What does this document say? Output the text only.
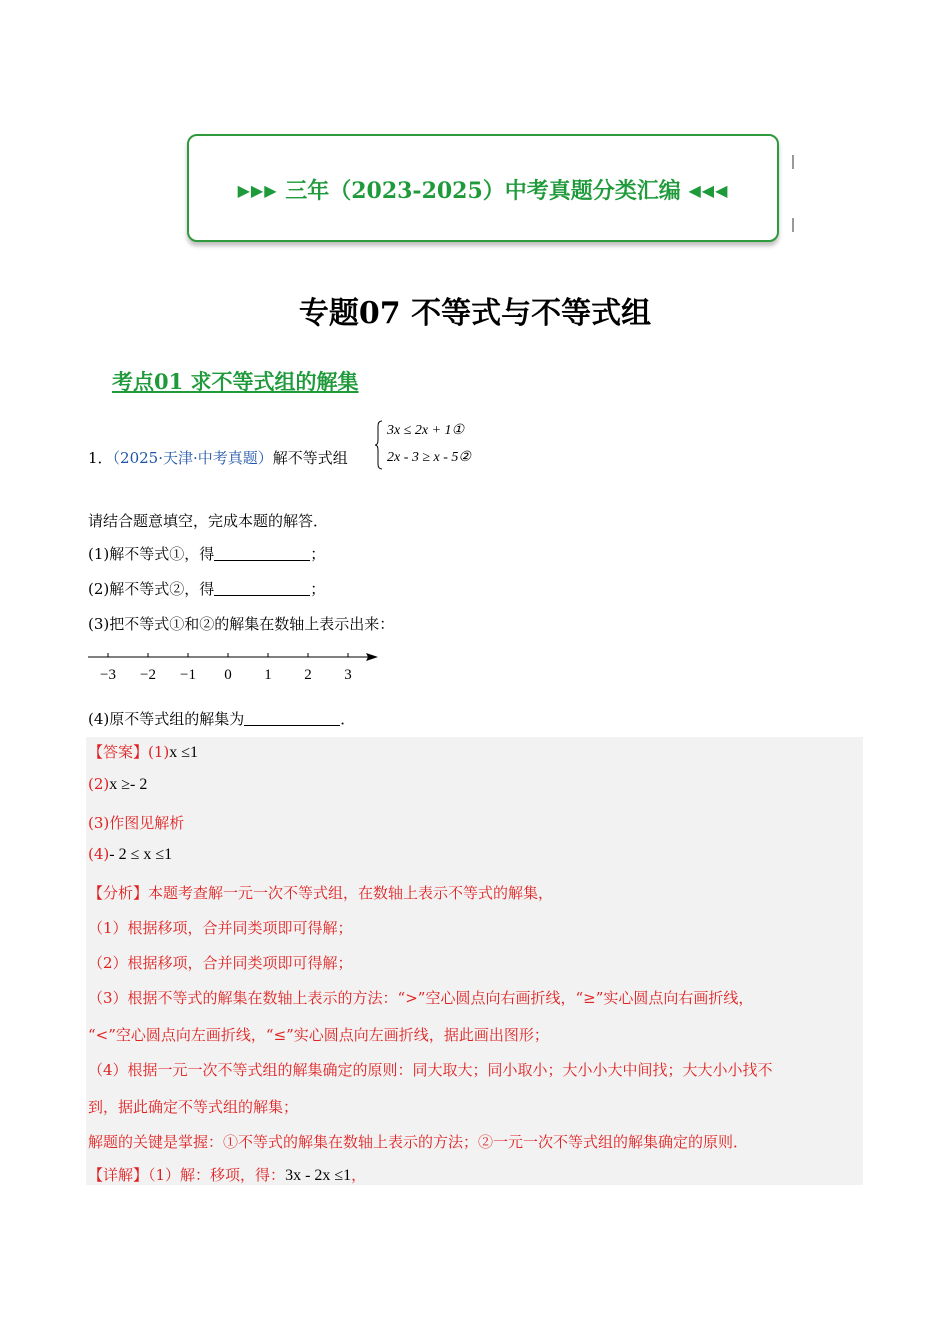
▶▶▶ 三年（2023-2025）中考真题分类汇编 ◀◀◀
专题07 不等式与不等式组
考点01 求不等式组的解集
1．（2025·天津·中考真题）解不等式组
3x ≤ 2x + 1①
2x - 3 ≥ x - 5②
请结合题意填空，完成本题的解答．
(1)解不等式①，得	；
(2)解不等式②，得	；
(3)把不等式①和②的解集在数轴上表示出来：
−3 −2 −1 0 1 2 3
(4)原不等式组的解集为	．
【答案】(1)x ≤1
(2)x ≥- 2
(3)作图见解析
(4)- 2 ≤ x ≤1
【分析】本题考查解一元一次不等式组，在数轴上表示不等式的解集，
（1）根据移项，合并同类项即可得解；
（2）根据移项，合并同类项即可得解；
（3）根据不等式的解集在数轴上表示的方法：“>”空心圆点向右画折线，“≥”实心圆点向右画折线，
“<”空心圆点向左画折线，“≤”实心圆点向左画折线，据此画出图形；
（4）根据一元一次不等式组的解集确定的原则：同大取大；同小取小；大小小大中间找；大大小小找不
到，据此确定不等式组的解集；
解题的关键是掌握：①不等式的解集在数轴上表示的方法；②一元一次不等式组的解集确定的原则．
【详解】（1）解：移项，得：3x - 2x ≤1，
